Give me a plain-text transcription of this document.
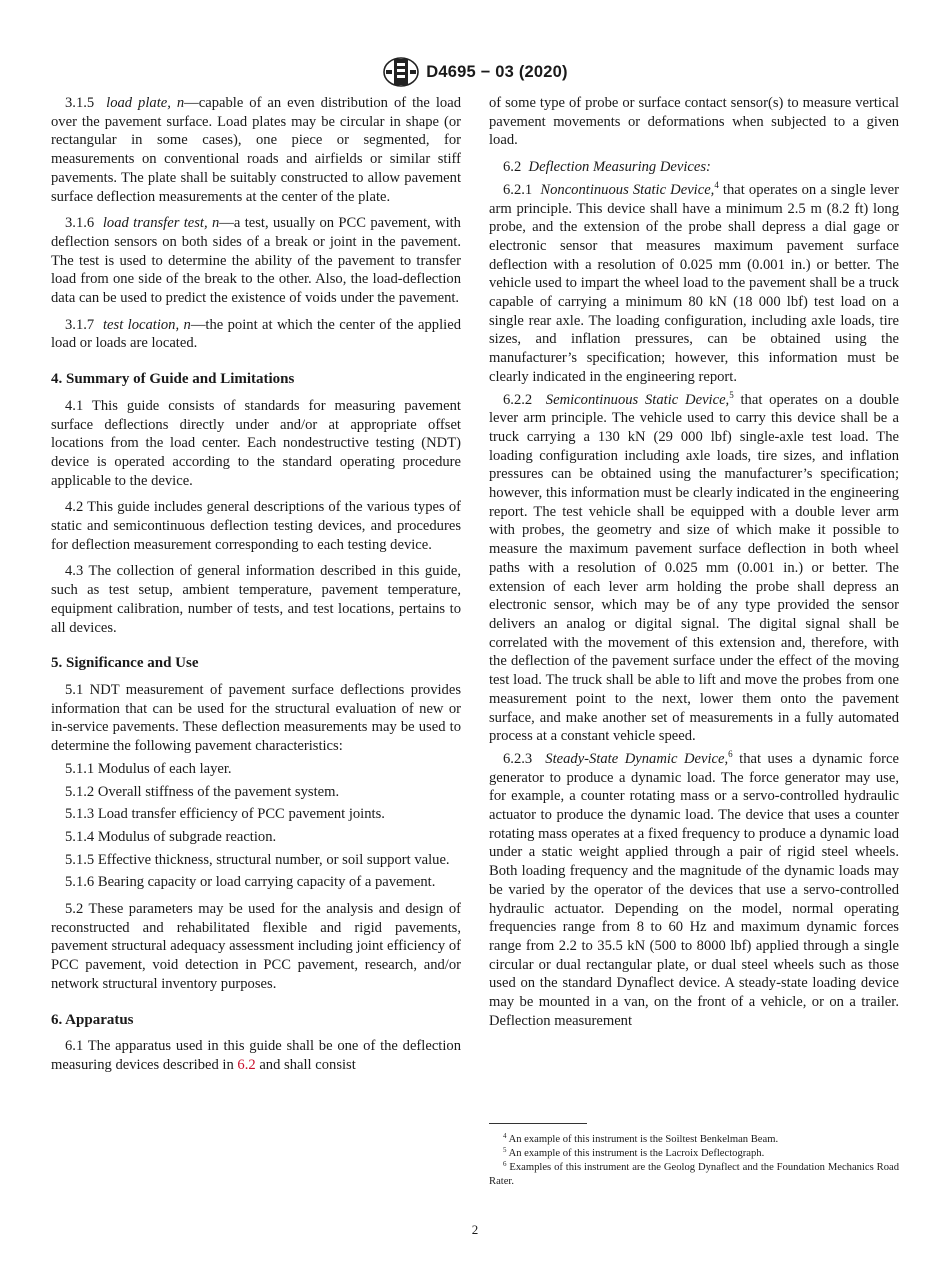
D4695 − 03 (2020)

3.1.5 load plate, n—capable of an even distribution of the load over the pavement surface. Load plates may be circular in shape (or rectangular in some cases), one piece or segmented, for measurements on conventional roads and airfields or similar stiff pavements. The plate shall be suitably constructed to allow pavement surface deflection measurements at the center of the plate.

3.1.6 load transfer test, n—a test, usually on PCC pavement, with deflection sensors on both sides of a break or joint in the pavement. The test is used to determine the ability of the pavement to transfer load from one side of the break to the other. Also, the load-deflection data can be used to predict the existence of voids under the pavement.

3.1.7 test location, n—the point at which the center of the applied load or loads are located.

4. Summary of Guide and Limitations

4.1 This guide consists of standards for measuring pavement surface deflections directly under and/or at appropriate offset locations from the load center. Each nondestructive testing (NDT) device is operated according to the standard operating procedure applicable to the device.

4.2 This guide includes general descriptions of the various types of static and semicontinuous deflection testing devices, and procedures for deflection measurement corresponding to each testing device.

4.3 The collection of general information described in this guide, such as test setup, ambient temperature, pavement temperature, equipment calibration, number of tests, and test locations, pertains to all devices.

5. Significance and Use

5.1 NDT measurement of pavement surface deflections provides information that can be used for the structural evaluation of new or in-service pavements. These deflection measurements may be used to determine the following pavement characteristics:

5.1.1 Modulus of each layer.

5.1.2 Overall stiffness of the pavement system.

5.1.3 Load transfer efficiency of PCC pavement joints.

5.1.4 Modulus of subgrade reaction.

5.1.5 Effective thickness, structural number, or soil support value.

5.1.6 Bearing capacity or load carrying capacity of a pavement.

5.2 These parameters may be used for the analysis and design of reconstructed and rehabilitated flexible and rigid pavements, pavement structural adequacy assessment including joint efficiency of PCC pavement, void detection in PCC pavement, research, and/or network structural inventory purposes.

6. Apparatus

6.1 The apparatus used in this guide shall be one of the deflection measuring devices described in 6.2 and shall consist

of some type of probe or surface contact sensor(s) to measure vertical pavement movements or deformations when subjected to a given load.

6.2 Deflection Measuring Devices:

6.2.1 Noncontinuous Static Device,$^4$ that operates on a single lever arm principle. This device shall have a minimum 2.5 m (8.2 ft) long probe, and the extension of the probe shall depress a dial gage or electronic sensor that measures maximum pavement surface deflection with a resolution of 0.025 mm (0.001 in.) or better. The vehicle used to impart the wheel load to the pavement shall be a truck capable of carrying a minimum 80 kN (18 000 lbf) test load on a single rear axle. The loading configuration, including axle loads, tire sizes, and inflation pressures, can be obtained using the manufacturer’s specification; however, this information must be clearly indicated in the engineering report.

6.2.2 Semicontinuous Static Device,$^5$ that operates on a double lever arm principle. The vehicle used to carry this device shall be a truck carrying a 130 kN (29 000 lbf) single-axle test load. The loading configuration including axle loads, tire sizes, and inflation pressures can be obtained using the manufacturer’s specification; however, this information must be clearly indicated in the engineering report. The test vehicle shall be equipped with a double lever arm with probes, the geometry and size of which make it possible to measure the maximum pavement surface deflection in both wheel paths with a resolution of 0.025 mm (0.001 in.) or better. The extension of each lever arm holding the probe shall depress an electronic sensor, which may be of any type provided the sensor delivers an analog or digital signal. The digital signal shall be correlated with the movement of this extension and, therefore, with the deflection of the pavement surface under the effect of the moving test load. The truck shall be able to lift and move the probes from one measurement point to the next, lower them onto the pavement surface, and make another set of measurements in a fully automated process at a constant vehicle speed.

6.2.3 Steady-State Dynamic Device,$^6$ that uses a dynamic force generator to produce a dynamic load. The force generator may use, for example, a counter rotating mass or a servo-controlled hydraulic actuator to produce the dynamic load. The device that uses a counter rotating mass operates at a fixed frequency to produce a dynamic load under a static weight applied through a pair of rigid steel wheels. Both loading frequency and the magnitude of the dynamic loads may be varied by the operator of the devices that use a servo-controlled hydraulic actuator. Depending on the model, normal operating frequencies range from 8 to 60 Hz and maximum dynamic forces range from 2.2 to 35.5 kN (500 to 8000 lbf) applied through a single circular or dual rectangular plate, or dual steel wheels such as those used on the standard Dynaflect device. A steady-state loading device may be mounted in a van, on the front of a vehicle, or on a trailer. Deflection measurement

$^4$ An example of this instrument is the Soiltest Benkelman Beam.

$^5$ An example of this instrument is the Lacroix Deflectograph.

$^6$ Examples of this instrument are the Geolog Dynaflect and the Foundation Mechanics Road Rater.

2
